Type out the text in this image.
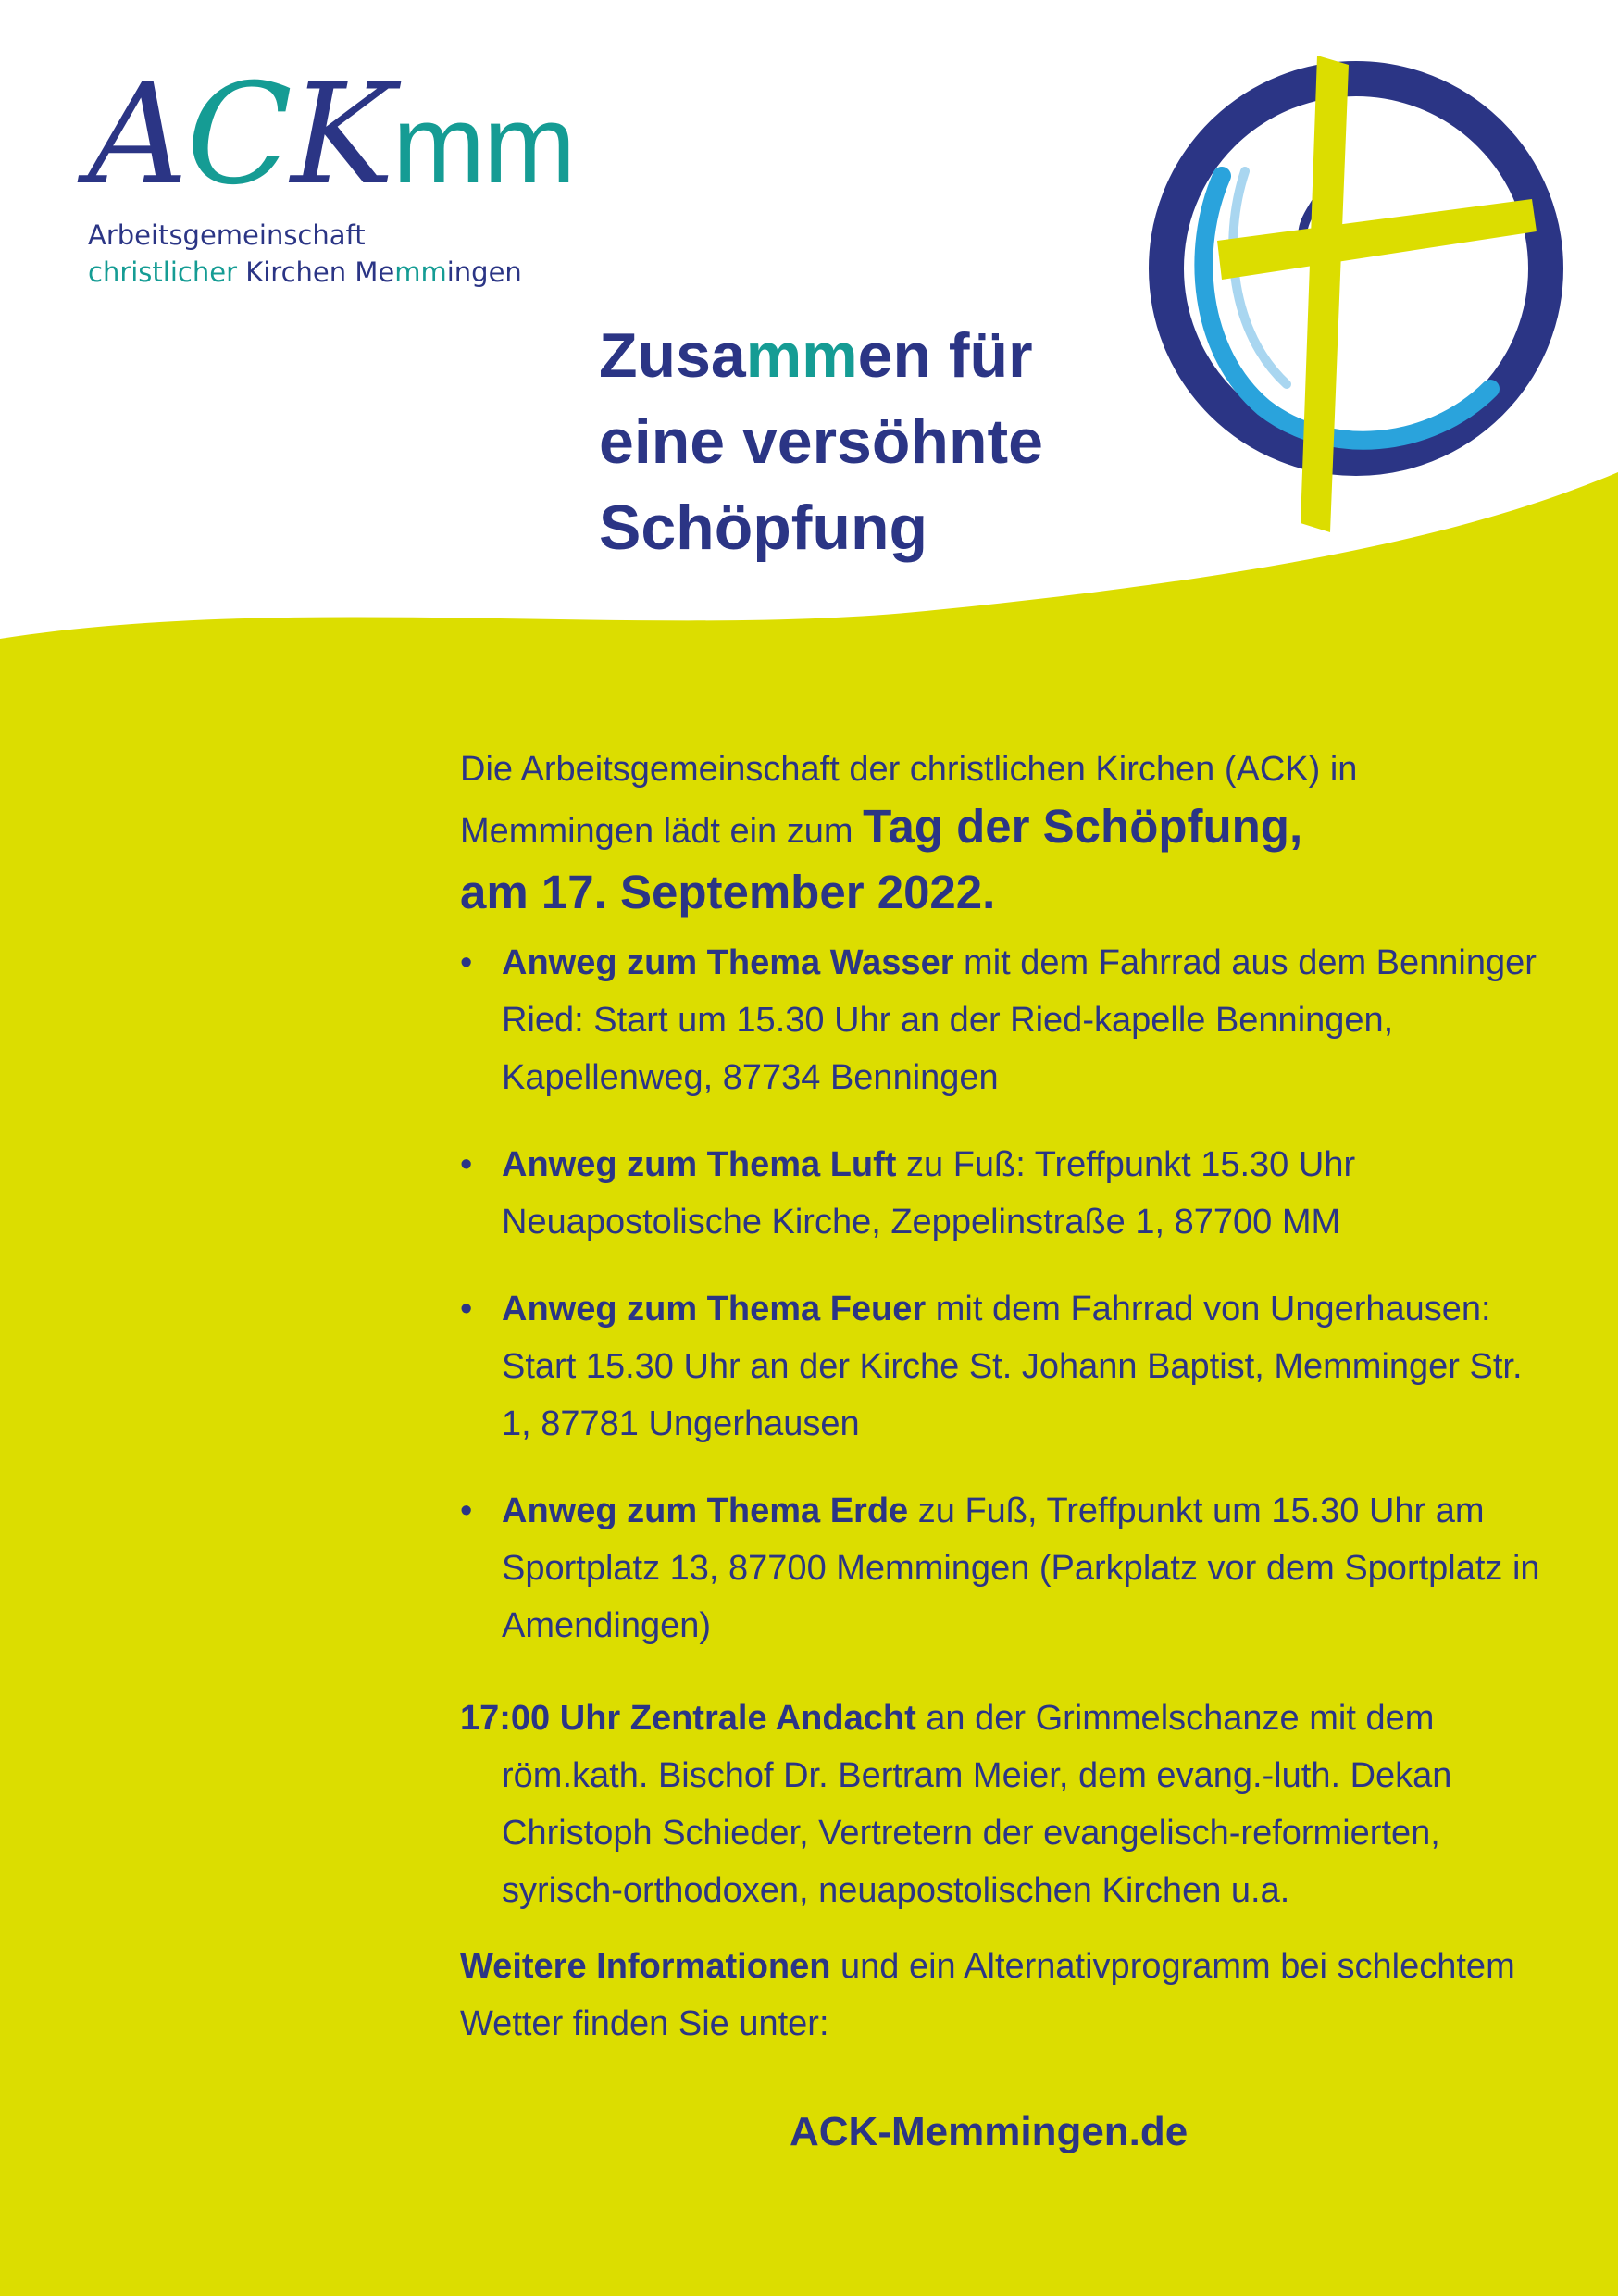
ACKmm
Arbeitsgemeinschaft
christlicher Kirchen Memmingen
Zusammen für
eine versöhnte
Schöpfung
Die Arbeitsgemeinschaft der christlichen Kirchen (ACK) in Memmingen lädt ein zum Tag der Schöpfung,
am 17. September 2022.
• Anweg zum Thema Wasser mit dem Fahrrad aus dem Benninger Ried: Start um 15.30 Uhr an der Ried-kapelle Benningen, Kapellenweg, 87734 Benningen
• Anweg zum Thema Luft zu Fuß: Treffpunkt 15.30 Uhr Neuapostolische Kirche, Zeppelinstraße 1, 87700 MM
• Anweg zum Thema Feuer mit dem Fahrrad von Ungerhausen: Start 15.30 Uhr an der Kirche St. Johann Baptist, Memminger Str. 1, 87781 Ungerhausen
• Anweg zum Thema Erde zu Fuß, Treffpunkt um 15.30 Uhr am Sportplatz 13, 87700 Memmingen (Parkplatz vor dem Sportplatz in Amendingen)
17:00 Uhr Zentrale Andacht an der Grimmelschanze mit dem röm.kath. Bischof Dr. Bertram Meier, dem evang.-luth. Dekan Christoph Schieder, Vertretern der evangelisch-reformierten, syrisch-orthodoxen, neuapostolischen Kirchen u.a.
Weitere Informationen und ein Alternativprogramm bei schlechtem Wetter finden Sie unter:
ACK-Memmingen.de
